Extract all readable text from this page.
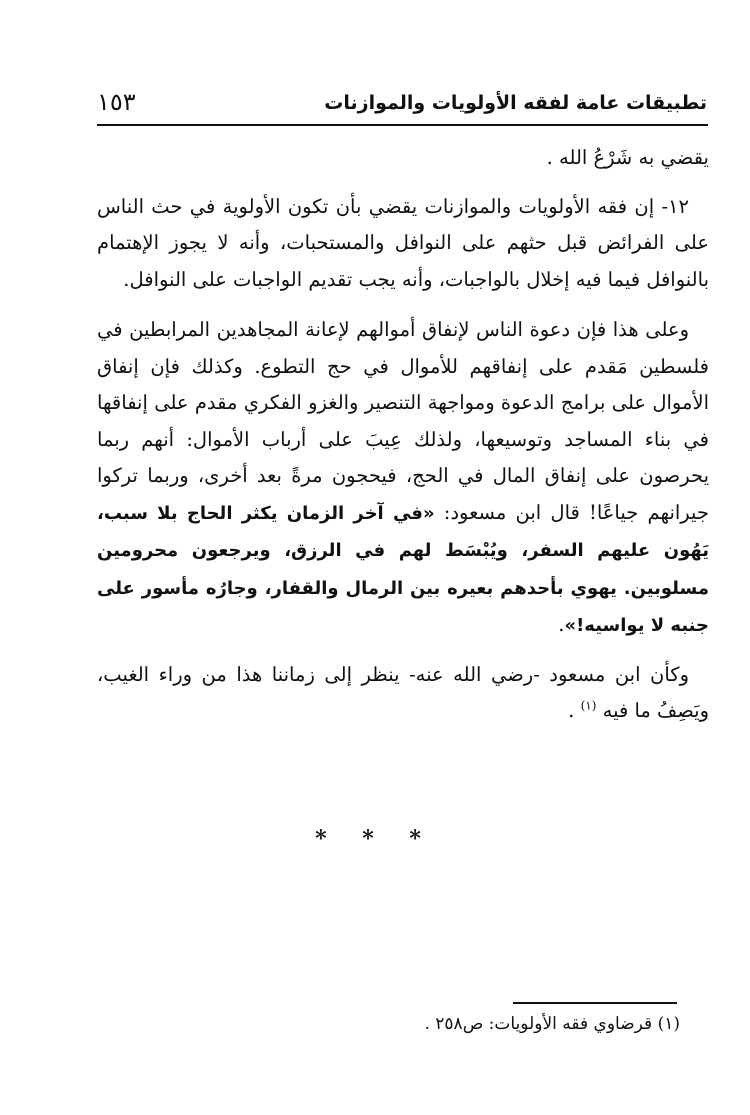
تطبيقات عامة لفقه الأولويات والموازنات
١٥٣

يقضي به شَرْعُ الله .

١٢- إن فقه الأولويات والموازنات يقضي بأن تكون الأولوية في حث الناس على الفرائض قبل حثهم على النوافل والمستحبات، وأنه لا يجوز الإهتمام بالنوافل فيما فيه إخلال بالواجبات، وأنه يجب تقديم الواجبات على النوافل.

وعلى هذا فإن دعوة الناس لإنفاق أموالهم لإعانة المجاهدين المرابطين في فلسطين مَقدم على إنفاقهم للأموال في حج التطوع. وكذلك فإن إنفاق الأموال على برامج الدعوة ومواجهة التنصير والغزو الفكري مقدم على إنفاقها في بناء المساجد وتوسيعها، ولذلك عِيبَ على أرباب الأموال: أنهم ربما يحرصون على إنفاق المال في الحج، فيحجون مرةً بعد أخرى، وربما تركوا جيرانهم جياعًا! قال ابن مسعود: «في آخر الزمان يكثر الحاج بلا سبب، يَهُون عليهم السفر، ويُبْسَط لهم في الرزق، ويرجعون محرومين مسلوبين. يهوي بأحدهم بعيره بين الرمال والقفار، وجارُه مأسور على جنبه لا يواسيه!».

وكأن ابن مسعود -رضي الله عنه- ينظر إلى زماننا هذا من وراء الغيب، ويَصِفُ ما فيه $^{(١)}$ .

* * *
(١) قرضاوي فقه الأولويات: ص٢٥٨ .
